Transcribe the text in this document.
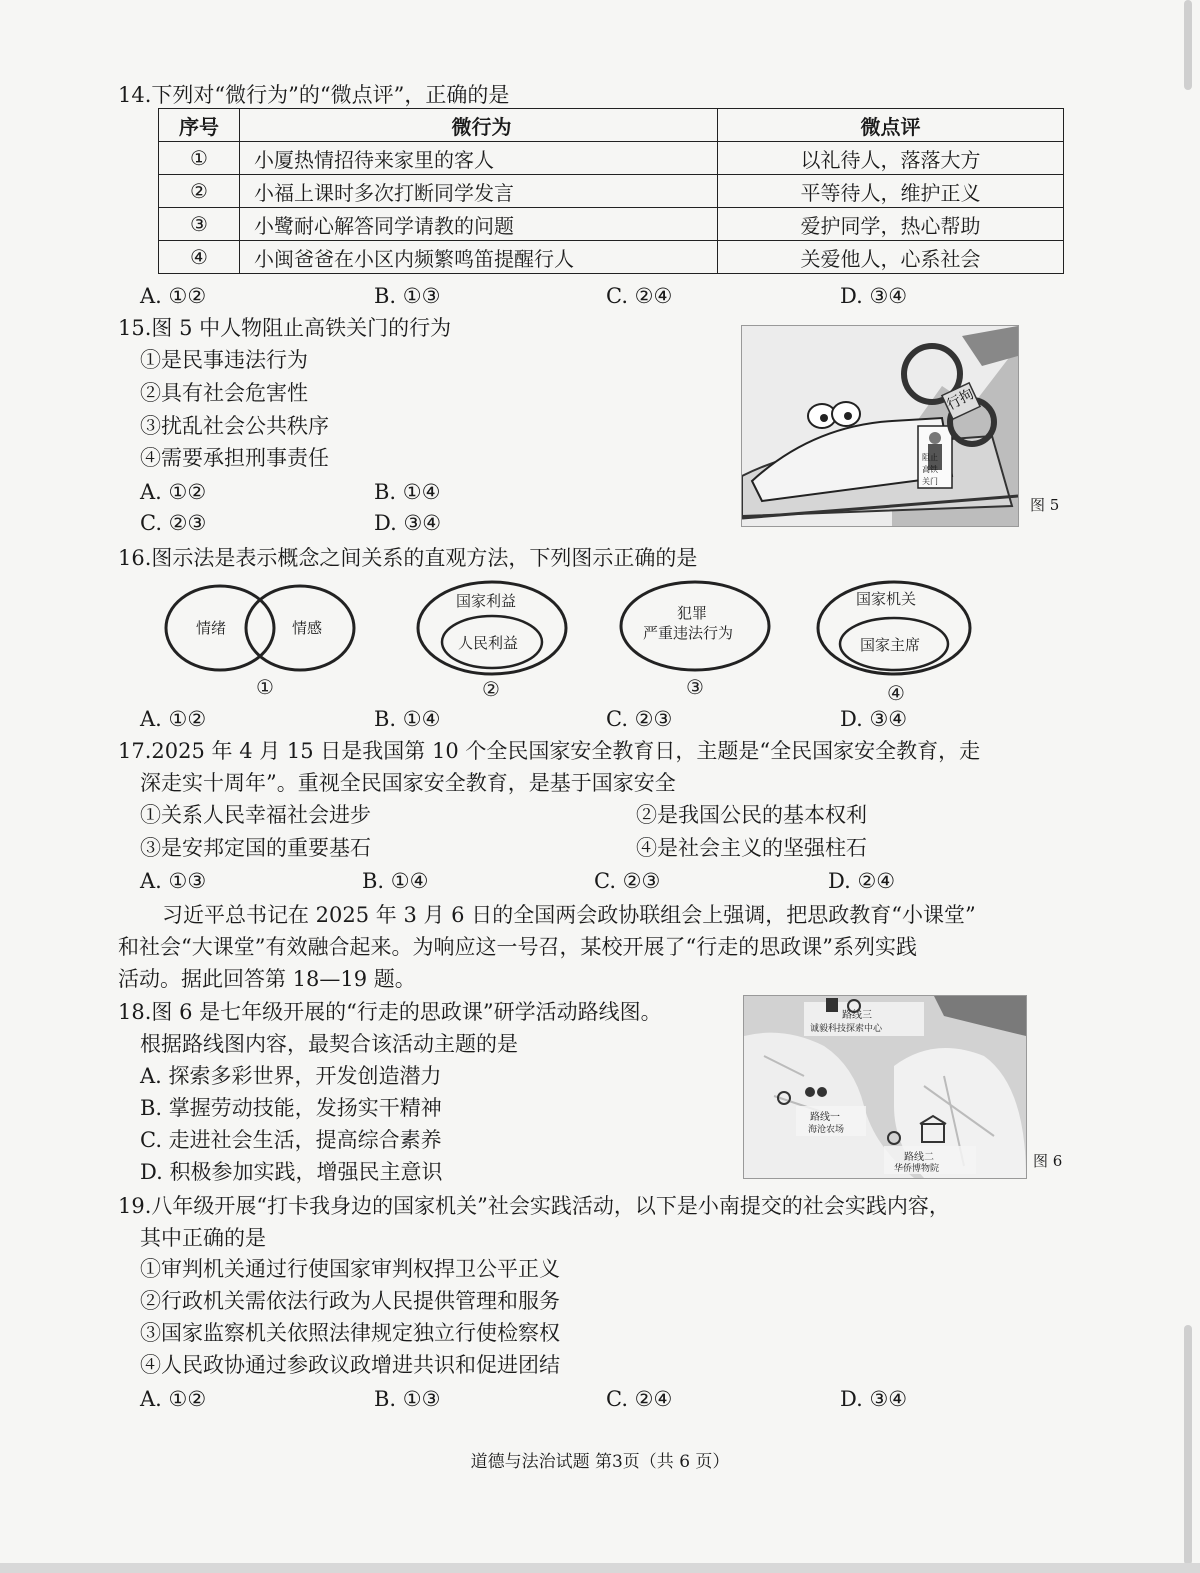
14.下列对“微行为”的“微点评”，正确的是
序号	微行为	微点评
①	小厦热情招待来家里的客人	以礼待人，落落大方
②	小福上课时多次打断同学发言	平等待人，维护正义
③	小鹭耐心解答同学请教的问题	爱护同学，热心帮助
④	小闽爸爸在小区内频繁鸣笛提醒行人	关爱他人，心系社会
A. ①②	B. ①③	C. ②④	D. ③④
15.图 5 中人物阻止高铁关门的行为
①是民事违法行为
②具有社会危害性
③扰乱社会公共秩序
④需要承担刑事责任
A. ①②	B. ①④
C. ②③	D. ③④
行拘
阻止
高铁
关门
图 5
16.图示法是表示概念之间关系的直观方法，下列图示正确的是
情绪	情感
①
国家利益
人民利益
②
犯罪
严重违法行为
③
国家机关
国家主席
④
A. ①②	B. ①④	C. ②③	D. ③④
17.2025 年 4 月 15 日是我国第 10 个全民国家安全教育日，主题是“全民国家安全教育，走
深走实十周年”。重视全民国家安全教育，是基于国家安全
①关系人民幸福社会进步	②是我国公民的基本权利
③是安邦定国的重要基石	④是社会主义的坚强柱石
A. ①③	B. ①④	C. ②③	D. ②④
习近平总书记在 2025 年 3 月 6 日的全国两会政协联组会上强调，把思政教育“小课堂”
和社会“大课堂”有效融合起来。为响应这一号召，某校开展了“行走的思政课”系列实践
活动。据此回答第 18—19 题。
18.图 6 是七年级开展的“行走的思政课”研学活动路线图。
根据路线图内容，最契合该活动主题的是
A. 探索多彩世界，开发创造潜力
B. 掌握劳动技能，发扬实干精神
C. 走进社会生活，提高综合素养
D. 积极参加实践，增强民主意识
路线三
诚毅科技探索中心
路线一
海沧农场
路线二
华侨博物院	图 6
19.八年级开展“打卡我身边的国家机关”社会实践活动，以下是小南提交的社会实践内容，
其中正确的是
①审判机关通过行使国家审判权捍卫公平正义
②行政机关需依法行政为人民提供管理和服务
③国家监察机关依照法律规定独立行使检察权
④人民政协通过参政议政增进共识和促进团结
A. ①②	B. ①③	C. ②④	D. ③④
道德与法治试题 第3页（共 6 页）
